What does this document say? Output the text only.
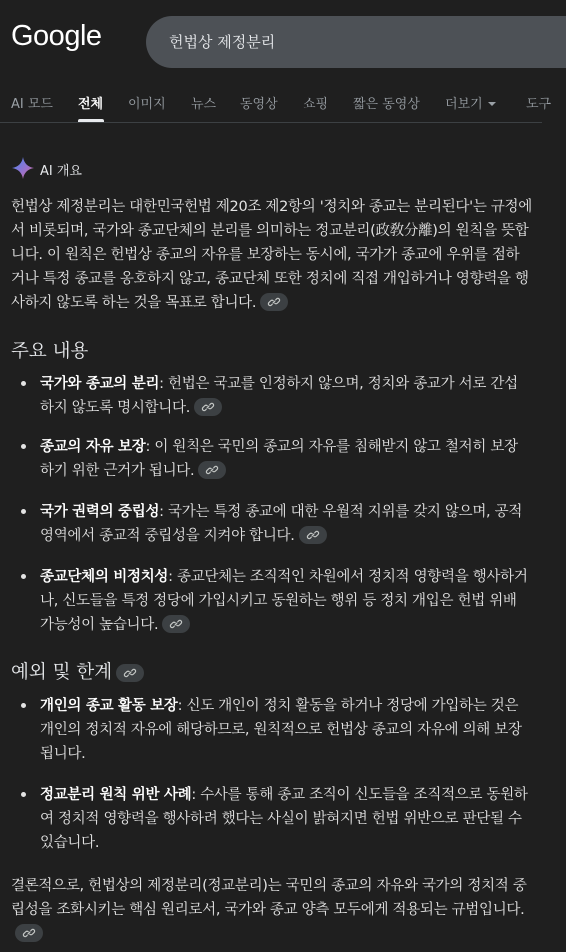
Google	헌법상 제정분리
AI 모드 전체 이미지 뉴스 동영상 쇼핑 짧은 동영상 더보기	도구
AI 개요
헌법상 제정분리는 대한민국헌법 제20조 제2항의 '정치와 종교는 분리된다'는 규정에서 비롯되며, 국가와 종교단체의 분리를 의미하는 정교분리(政敎分離)의 원칙을 뜻합니다. 이 원칙은 헌법상 종교의 자유를 보장하는 동시에, 국가가 종교에 우위를 점하거나 특정 종교를 옹호하지 않고, 종교단체 또한 정치에 직접 개입하거나 영향력을 행사하지 않도록 하는 것을 목표로 합니다.
주요 내용
국가와 종교의 분리: 헌법은 국교를 인정하지 않으며, 정치와 종교가 서로 간섭하지 않도록 명시합니다.
종교의 자유 보장: 이 원칙은 국민의 종교의 자유를 침해받지 않고 철저히 보장하기 위한 근거가 됩니다.
국가 권력의 중립성: 국가는 특정 종교에 대한 우월적 지위를 갖지 않으며, 공적 영역에서 종교적 중립성을 지켜야 합니다.
종교단체의 비정치성: 종교단체는 조직적인 차원에서 정치적 영향력을 행사하거나, 신도들을 특정 정당에 가입시키고 동원하는 행위 등 정치 개입은 헌법 위배 가능성이 높습니다.
예외 및 한계
개인의 종교 활동 보장: 신도 개인이 정치 활동을 하거나 정당에 가입하는 것은 개인의 정치적 자유에 해당하므로, 원칙적으로 헌법상 종교의 자유에 의해 보장됩니다.
정교분리 원칙 위반 사례: 수사를 통해 종교 조직이 신도들을 조직적으로 동원하여 정치적 영향력을 행사하려 했다는 사실이 밝혀지면 헌법 위반으로 판단될 수 있습니다.
결론적으로, 헌법상의 제정분리(정교분리)는 국민의 종교의 자유와 국가의 정치적 중립성을 조화시키는 핵심 원리로서, 국가와 종교 양측 모두에게 적용되는 규범입니다.
